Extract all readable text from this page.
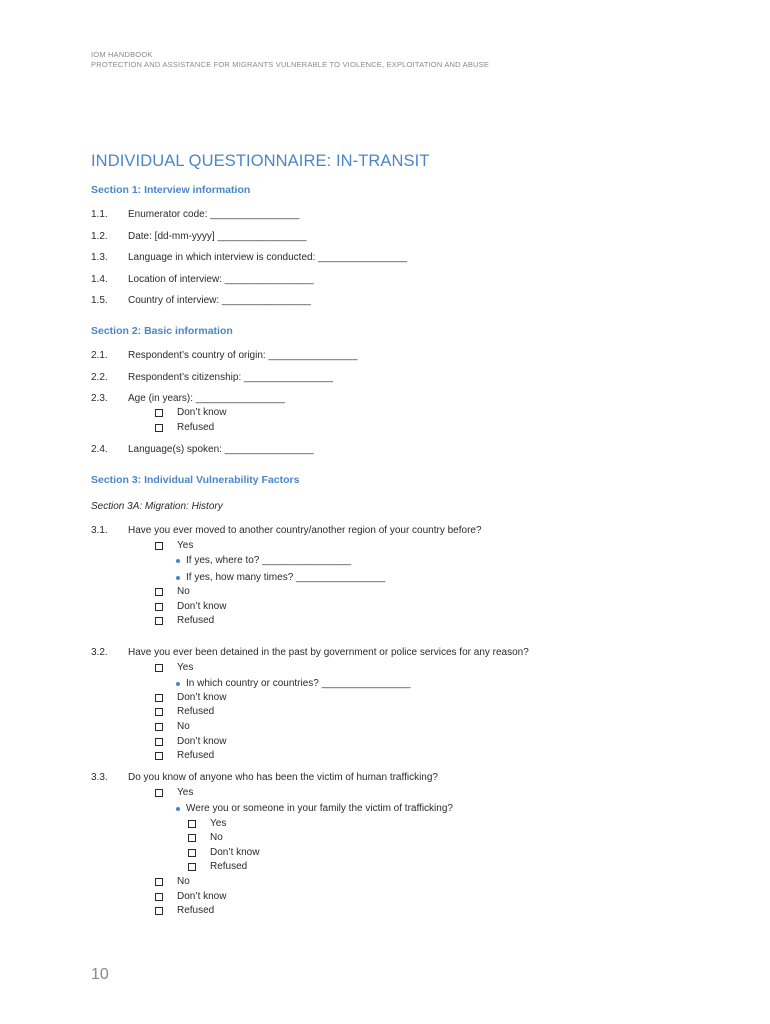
IOM HANDBOOK
PROTECTION AND ASSISTANCE FOR MIGRANTS VULNERABLE TO VIOLENCE, EXPLOITATION AND ABUSE
INDIVIDUAL QUESTIONNAIRE: IN-TRANSIT
Section 1: Interview information
1.1. Enumerator code: ________________
1.2. Date: [dd-mm-yyyy] ________________
1.3. Language in which interview is conducted: ________________
1.4. Location of interview: ________________
1.5. Country of interview: ________________
Section 2: Basic information
2.1. Respondent’s country of origin: ________________
2.2. Respondent’s citizenship: ________________
2.3. Age (in years): ________________
Don’t know
Refused
2.4. Language(s) spoken: ________________
Section 3: Individual Vulnerability Factors
Section 3A: Migration: History
3.1. Have you ever moved to another country/another region of your country before?
Yes
If yes, where to? ________________
If yes, how many times? ________________
No
Don’t know
Refused
3.2. Have you ever been detained in the past by government or police services for any reason?
Yes
In which country or countries? ________________
Don’t know
Refused
No
Don’t know
Refused
3.3. Do you know of anyone who has been the victim of human trafficking?
Yes
Were you or someone in your family the victim of trafficking?
Yes
No
Don’t know
Refused
No
Don’t know
Refused
10
